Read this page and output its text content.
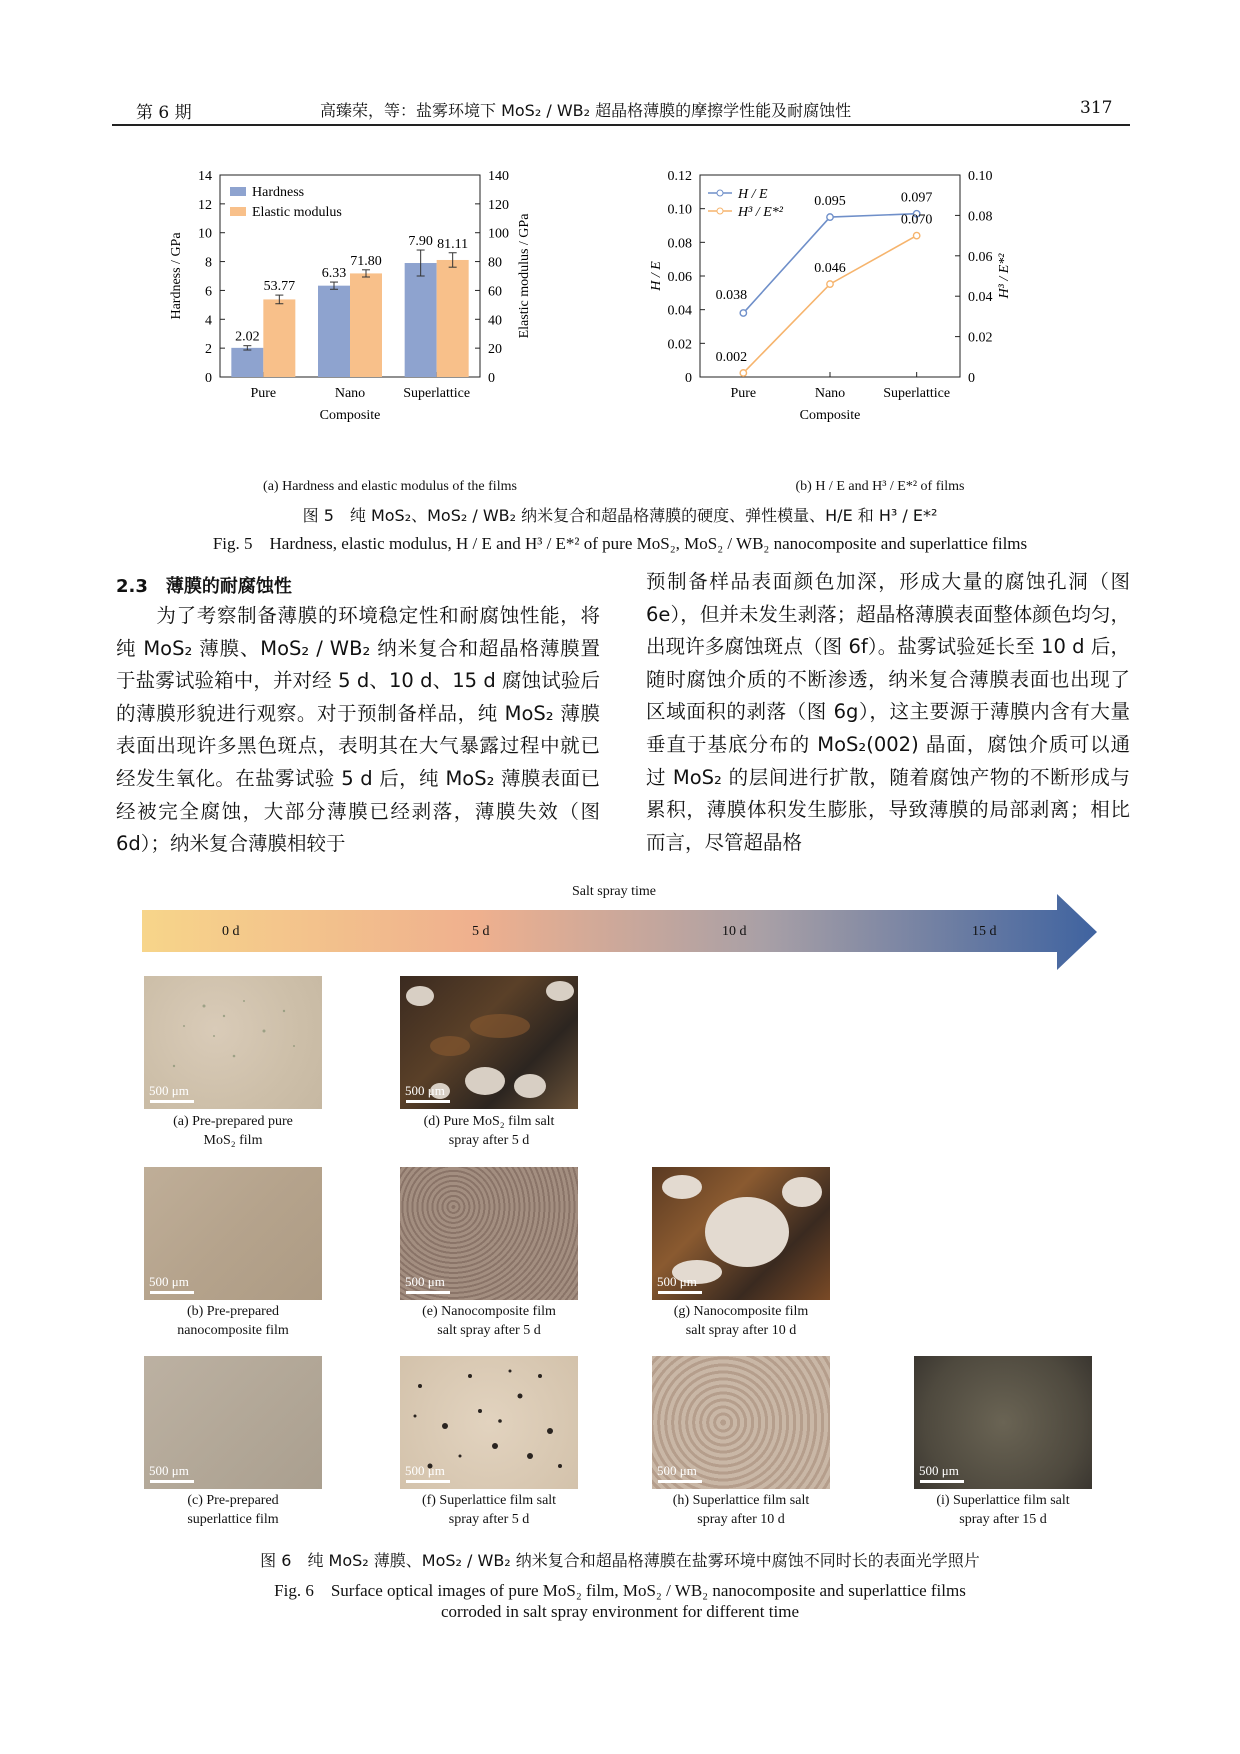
第 6 期	高臻荣，等：盐雾环境下 MoS₂ / WB₂ 超晶格薄膜的摩擦学性能及耐腐蚀性	317
0
2
4
6
8
10
12
14
0
20
40
60
80
100
120
140
Pure	Nano	Superlattice
Composite
Hardness / GPa	Elastic modulus / GPa
2.02
6.33
7.90
Hardness
53.77
71.80
81.11
Elastic modulus
0
0.02
0.04
0.06
0.08
0.10
0.12
0
0.02
0.04
0.06
0.08
0.10
Pure	Nano	Superlattice
Composite
H / E	H³ / E*²
0.038
0.095	0.097
H / E
0.002
0.046
0.070
H³ / E*²
(a) Hardness and elastic modulus of the films	(b) H / E and H³ / E*² of films
图 5　纯 MoS₂、MoS₂ / WB₂ 纳米复合和超晶格薄膜的硬度、弹性模量、H/E 和 H³ / E*²
Fig. 5　Hardness, elastic modulus, H / E and H³ / E*² of pure MoS₂, MoS₂ / WB₂ nanocomposite and superlattice films
2.3　薄膜的耐腐蚀性

　　为了考察制备薄膜的环境稳定性和耐腐蚀性能，将纯 MoS₂ 薄膜、MoS₂ / WB₂ 纳米复合和超晶格薄膜置于盐雾试验箱中，并对经 5 d、10 d、15 d 腐蚀试验后的薄膜形貌进行观察。对于预制备样品，纯 MoS₂ 薄膜表面出现许多黑色斑点，表明其在大气暴露过程中就已经发生氧化。在盐雾试验 5 d 后，纯 MoS₂ 薄膜表面已经被完全腐蚀，大部分薄膜已经剥落，薄膜失效（图 6d）；纳米复合薄膜相较于

预制备样品表面颜色加深，形成大量的腐蚀孔洞（图 6e），但并未发生剥落；超晶格薄膜表面整体颜色均匀，出现许多腐蚀斑点（图 6f）。盐雾试验延长至 10 d 后，随时腐蚀介质的不断渗透，纳米复合薄膜表面也出现了区域面积的剥落（图 6g），这主要源于薄膜内含有大量垂直于基底分布的 MoS₂(002) 晶面，腐蚀介质可以通过 MoS₂ 的层间进行扩散，随着腐蚀产物的不断形成与累积，薄膜体积发生膨胀，导致薄膜的局部剥离；相比而言，尽管超晶格

Salt spray time
0 d	5 d	10 d	15 d
500 μm	500 μm
(a) Pre-prepared pure
MoS₂ film
(d) Pure MoS₂ film salt
spray after 5 d
500 μm	500 μm	500 μm
(b) Pre-prepared
nanocomposite film
(e) Nanocomposite film
salt spray after 5 d
(g) Nanocomposite film
salt spray after 10 d
500 μm	500 μm	500 μm	500 μm
(c) Pre-prepared
superlattice film
(f) Superlattice film salt
spray after 5 d
(h) Superlattice film salt
spray after 10 d
(i) Superlattice film salt
spray after 15 d
图 6　纯 MoS₂ 薄膜、MoS₂ / WB₂ 纳米复合和超晶格薄膜在盐雾环境中腐蚀不同时长的表面光学照片
Fig. 6　Surface optical images of pure MoS₂ film, MoS₂ / WB₂ nanocomposite and superlattice films
corroded in salt spray environment for different time
